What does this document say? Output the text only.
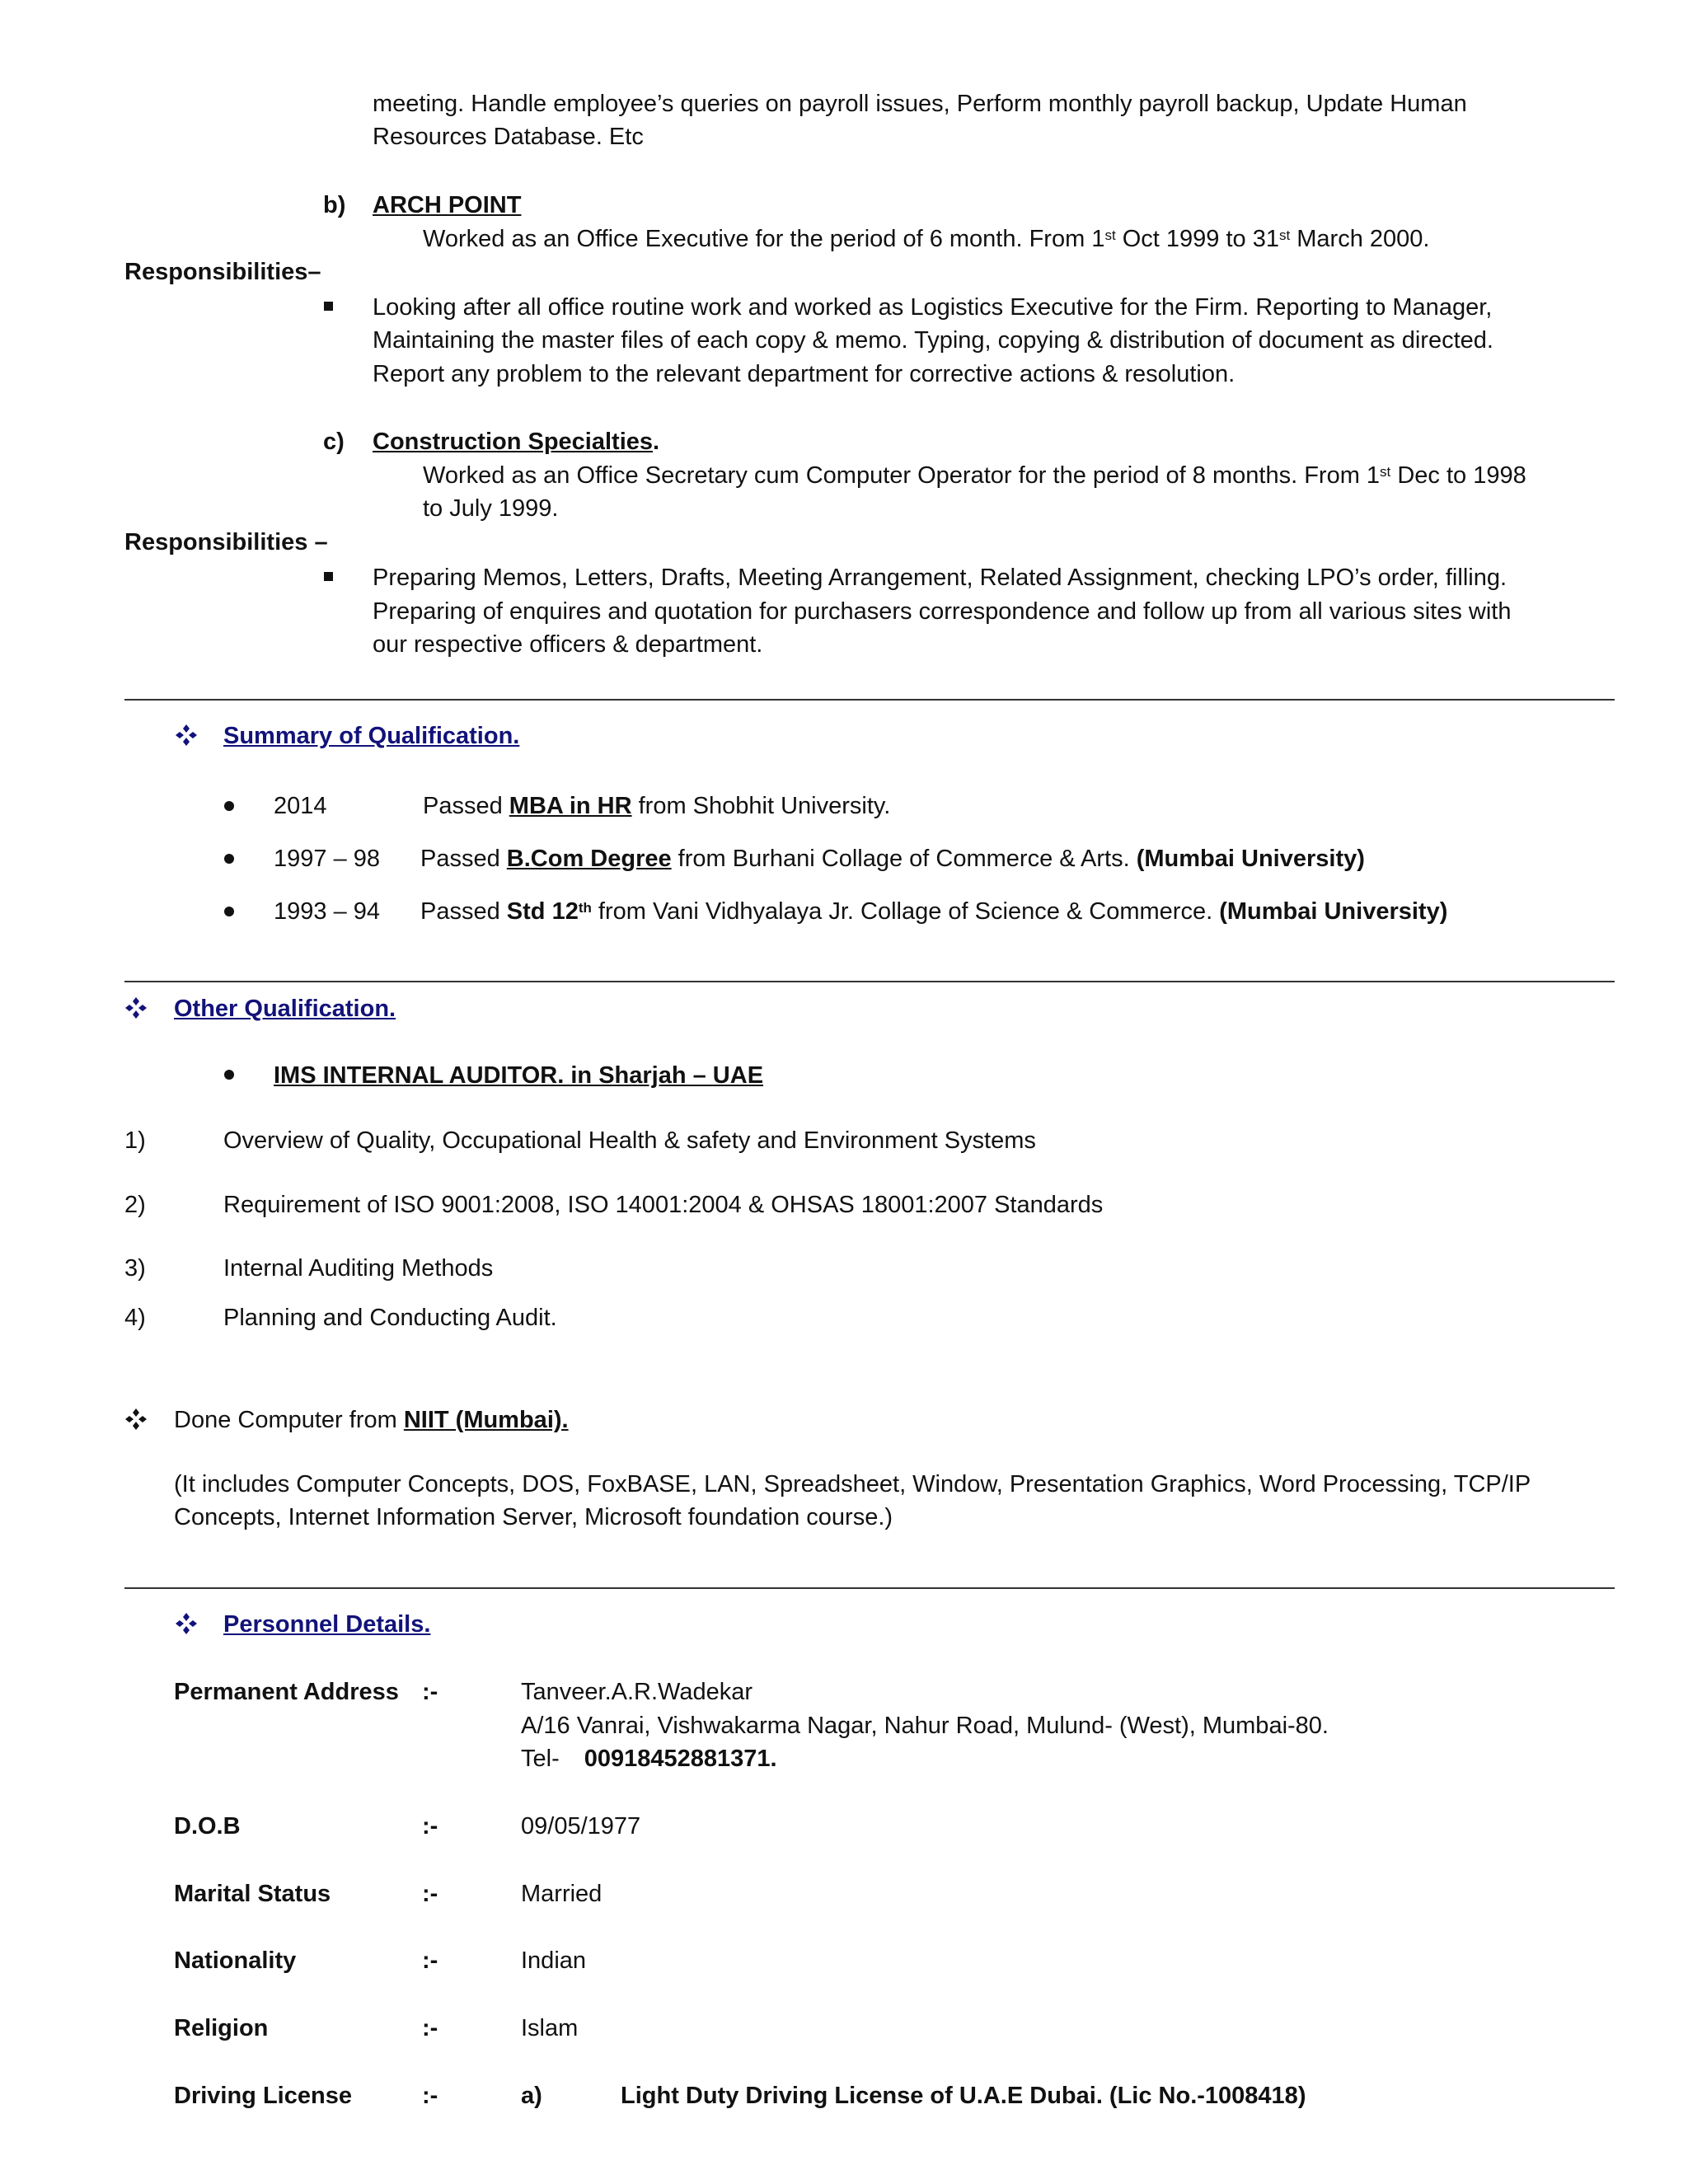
meeting. Handle employee’s queries on payroll issues, Perform monthly payroll backup, Update Human
Resources Database. Etc
b) ARCH POINT
Worked as an Office Executive for the period of 6 month. From 1st Oct 1999 to 31st March 2000.
Responsibilities–
Looking after all office routine work and worked as Logistics Executive for the Firm. Reporting to Manager,
Maintaining the master files of each copy & memo. Typing, copying & distribution of document as directed.
Report any problem to the relevant department for corrective actions & resolution.
c) Construction Specialties.
Worked as an Office Secretary cum Computer Operator for the period of 8 months. From 1st Dec to 1998
to July 1999.
Responsibilities –
Preparing Memos, Letters, Drafts, Meeting Arrangement, Related Assignment, checking LPO’s order, filling.
Preparing of enquires and quotation for purchasers correspondence and follow up from all various sites with
our respective officers & department.
Summary of Qualification.
2014	Passed MBA in HR from Shobhit University.
1997 – 98 Passed B.Com Degree from Burhani Collage of Commerce & Arts. (Mumbai University)
1993 – 94 Passed Std 12th from Vani Vidhyalaya Jr. Collage of Science & Commerce. (Mumbai University)
Other Qualification.
IMS INTERNAL AUDITOR. in Sharjah – UAE
1)	Overview of Quality, Occupational Health & safety and Environment Systems
2)	Requirement of ISO 9001:2008, ISO 14001:2004 & OHSAS 18001:2007 Standards
3)	Internal Auditing Methods
4)	Planning and Conducting Audit.
Done Computer from NIIT (Mumbai).
(It includes Computer Concepts, DOS, FoxBASE, LAN, Spreadsheet, Window, Presentation Graphics, Word Processing, TCP/IP
Concepts, Internet Information Server, Microsoft foundation course.)
Personnel Details.
Permanent Address :-	Tanveer.A.R.Wadekar
A/16 Vanrai, Vishwakarma Nagar, Nahur Road, Mulund- (West), Mumbai-80.
Tel- 00918452881371.
D.O.B	:-	09/05/1977
Marital Status	:-	Married
Nationality	:-	Indian
Religion	:-	Islam
Driving License	:-	a)	Light Duty Driving License of U.A.E Dubai. (Lic No.-1008418)
